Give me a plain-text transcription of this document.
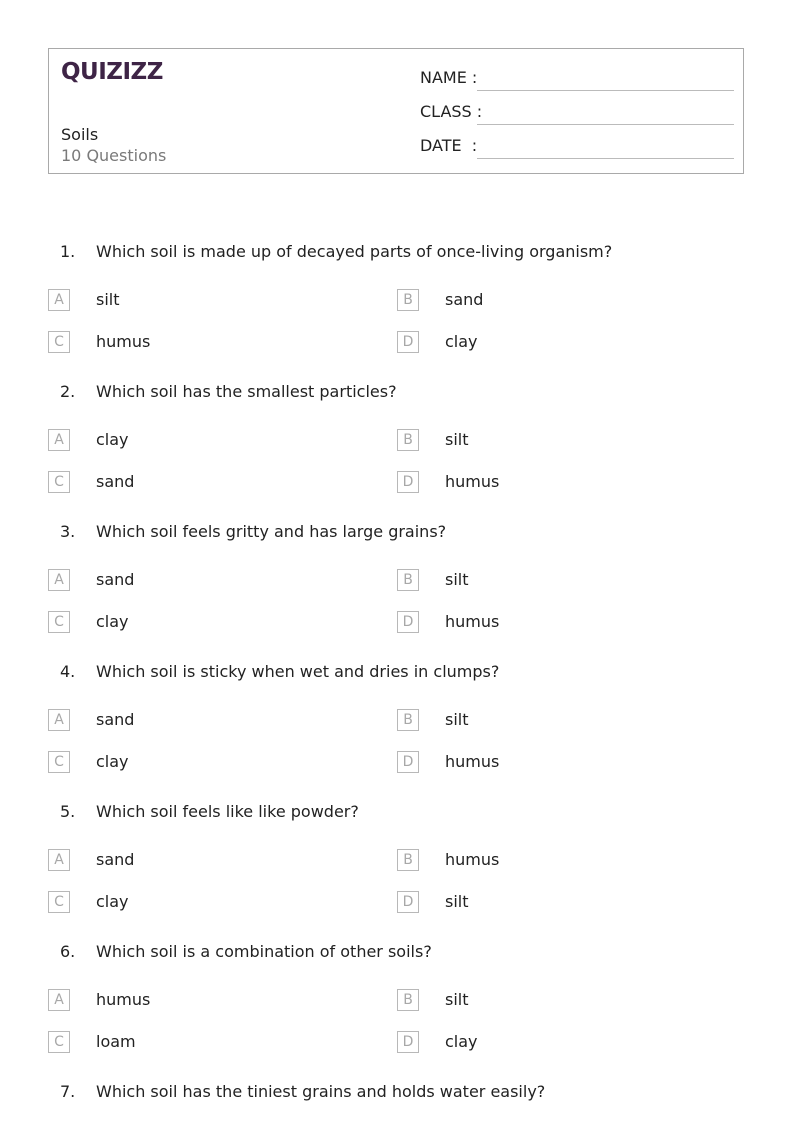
QUIZIZZ
Soils
10 Questions
NAME :
CLASS :
DATE  :
1. Which soil is made up of decayed parts of once-living organism?
A	silt	B	sand
C	humus	D	clay
2. Which soil has the smallest particles?
A	clay	B	silt
C	sand	D	humus
3. Which soil feels gritty and has large grains?
A	sand	B	silt
C	clay	D	humus
4. Which soil is sticky when wet and dries in clumps?
A	sand	B	silt
C	clay	D	humus
5. Which soil feels like like powder?
A	sand	B	humus
C	clay	D	silt
6. Which soil is a combination of other soils?
A	humus	B	silt
C	loam	D	clay
7. Which soil has the tiniest grains and holds water easily?
